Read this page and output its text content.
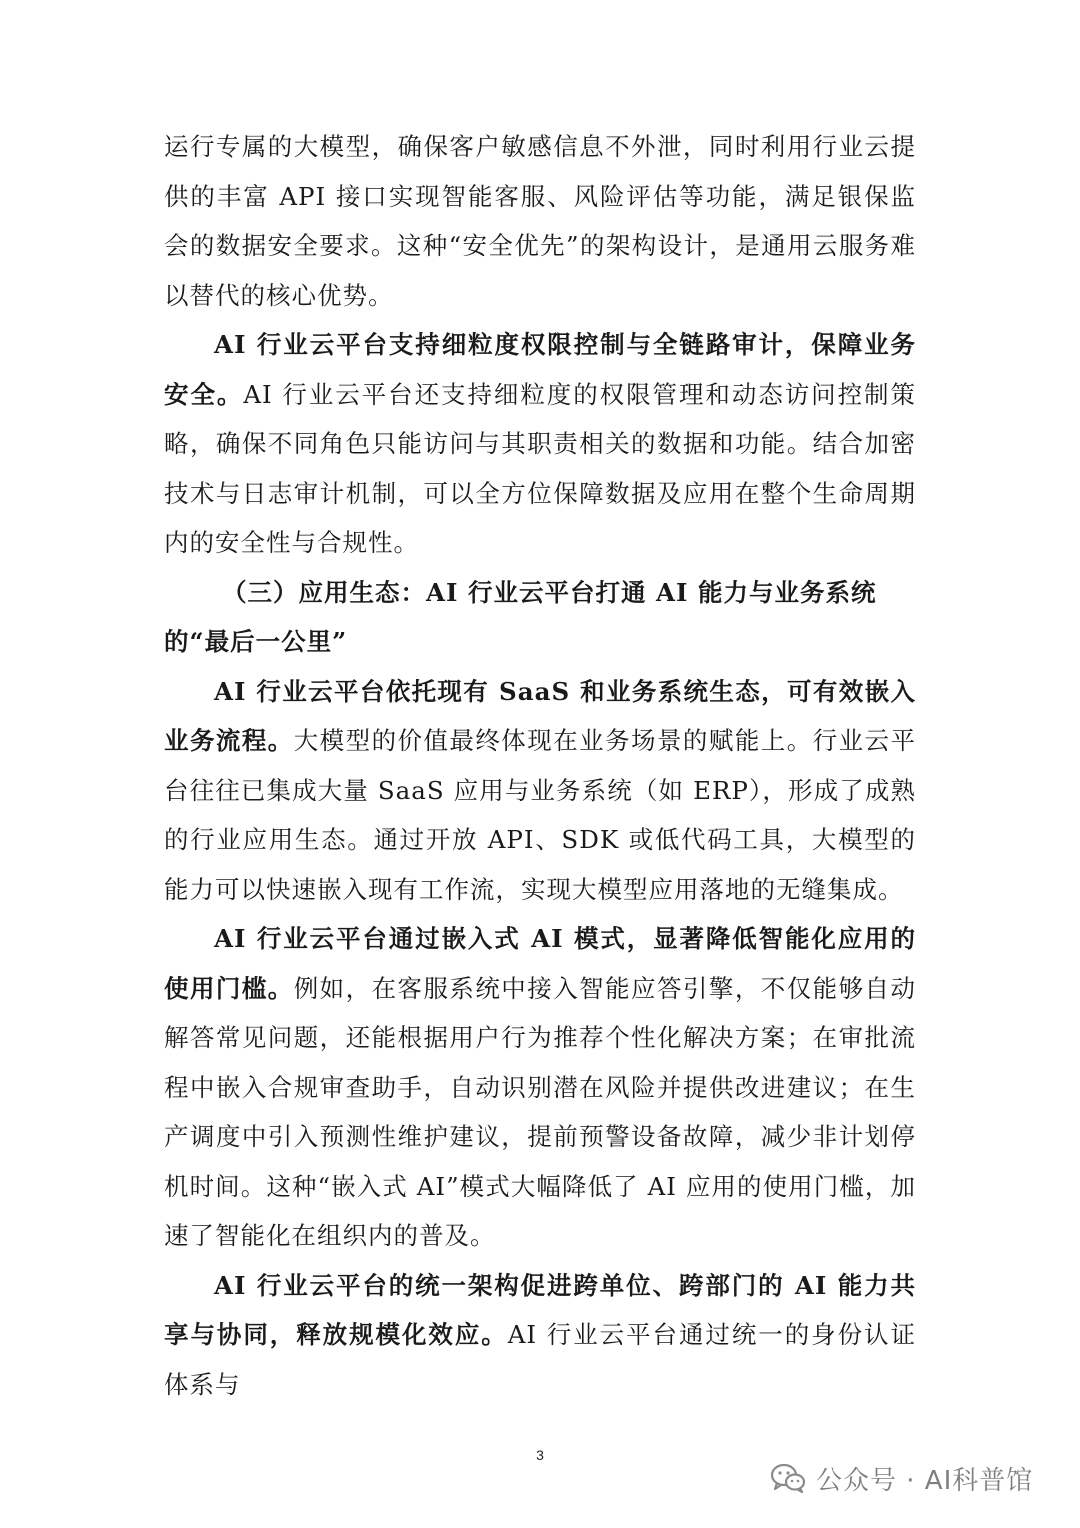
运行专属的大模型，确保客户敏感信息不外泄，同时利用行业云提供的丰富 API 接口实现智能客服、风险评估等功能，满足银保监会的数据安全要求。这种“安全优先”的架构设计，是通用云服务难以替代的核心优势。

AI 行业云平台支持细粒度权限控制与全链路审计，保障业务安全。AI 行业云平台还支持细粒度的权限管理和动态访问控制策略，确保不同角色只能访问与其职责相关的数据和功能。结合加密技术与日志审计机制，可以全方位保障数据及应用在整个生命周期内的安全性与合规性。

（三）应用生态：AI 行业云平台打通 AI 能力与业务系统的“最后一公里”

AI 行业云平台依托现有 SaaS 和业务系统生态，可有效嵌入业务流程。大模型的价值最终体现在业务场景的赋能上。行业云平台往往已集成大量 SaaS 应用与业务系统（如 ERP），形成了成熟的行业应用生态。通过开放 API、SDK 或低代码工具，大模型的能力可以快速嵌入现有工作流，实现大模型应用落地的无缝集成。

AI 行业云平台通过嵌入式 AI 模式，显著降低智能化应用的使用门槛。例如，在客服系统中接入智能应答引擎，不仅能够自动解答常见问题，还能根据用户行为推荐个性化解决方案；在审批流程中嵌入合规审查助手，自动识别潜在风险并提供改进建议；在生产调度中引入预测性维护建议，提前预警设备故障，减少非计划停机时间。这种“嵌入式 AI”模式大幅降低了 AI 应用的使用门槛，加速了智能化在组织内的普及。

AI 行业云平台的统一架构促进跨单位、跨部门的 AI 能力共享与协同，释放规模化效应。AI 行业云平台通过统一的身份认证体系与

3
公众号 · AI科普馆
